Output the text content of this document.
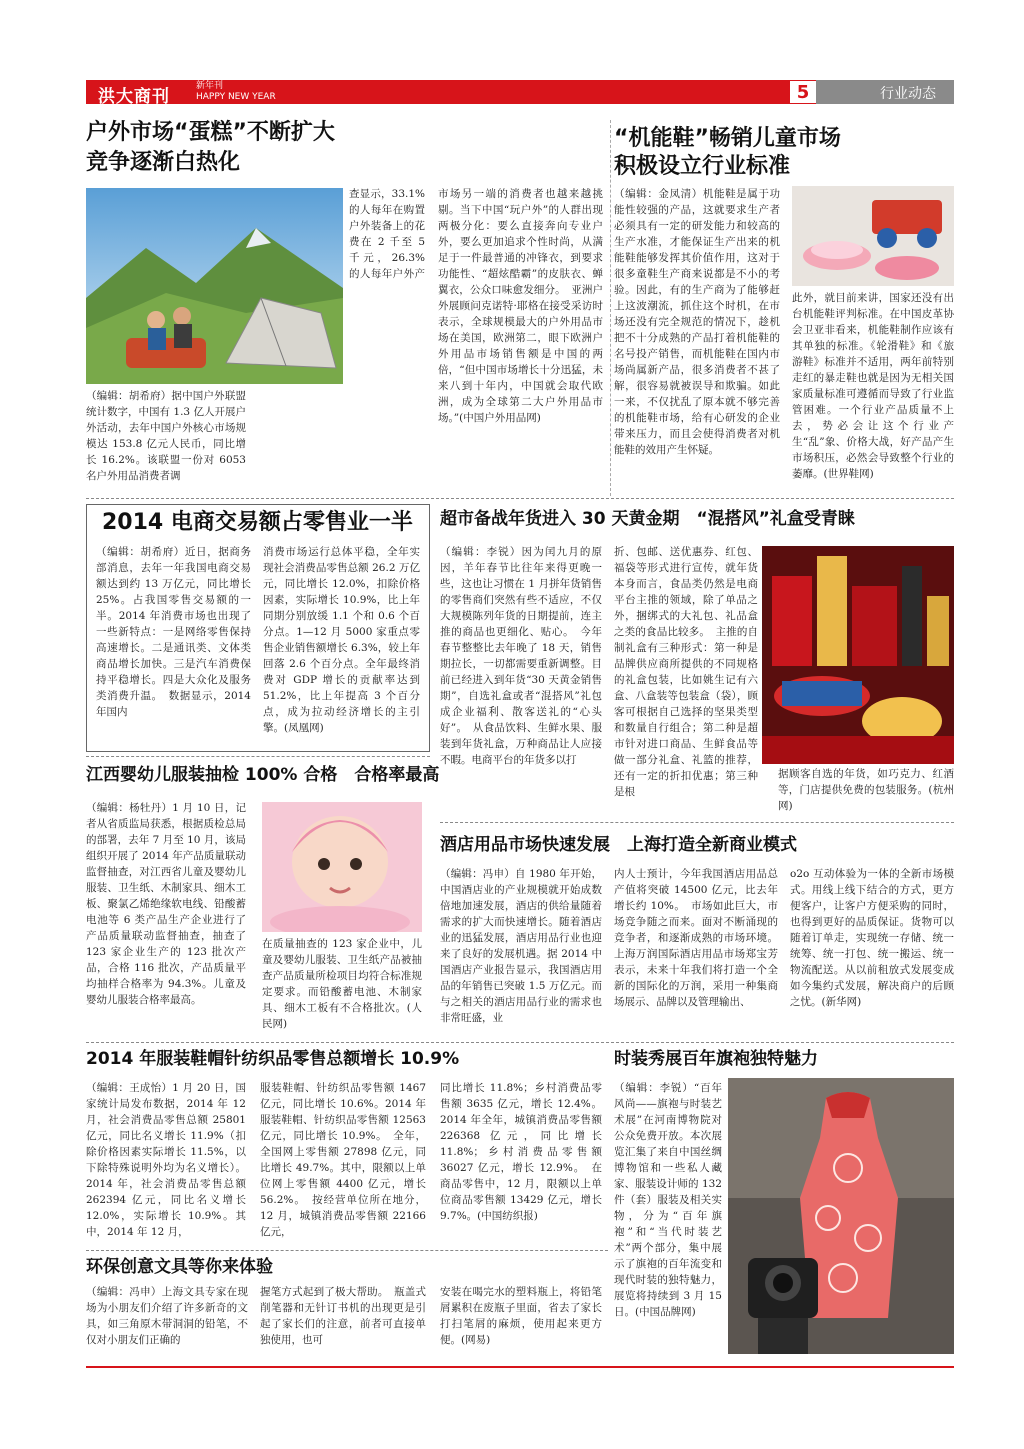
洪大商刊
新年刊
HAPPY NEW YEAR	5	行业动态
户外市场“蛋糕”不断扩大
竞争逐渐白热化
（编辑：胡希府）据中国户外联盟统计数字，中国有 1.3 亿人开展户外活动，去年中国户外核心市场规模达 153.8 亿元人民币，同比增长 16.2%。该联盟一份对 6053 名户外用品消费者调
查显示，33.1% 的人每年在购置户外装备上的花费在 2 千至 5 千元，26.3% 的人每年户外产 　
市场另一端的消费者也越来越挑剔。当下中国“玩户外”的人群出现两极分化：要么直接奔向专业户外，要么更加追求个性时尚，从满足于一件最普通的冲锋衣，到要求功能性、“超炫酷霸”的皮肤衣、蝉翼衣，公众口味愈发细分。　亚洲户外展顾问克诺特·耶格在接受采访时表示，全球规模最大的户外用品市场在美国，欧洲第二，眼下欧洲户外用品市场销售额是中国的两倍，“但中国市场增长十分迅猛，未来八到十年内，中国就会取代欧洲，成为全球第二大户外用品市场。”(中国户外用品网)
“机能鞋”畅销儿童市场
积极设立行业标准
（编辑：金凤清）机能鞋是属于功能性较强的产品，这就要求生产者必须具有一定的研发能力和较高的生产水准，才能保证生产出来的机能鞋能够发挥其价值作用，这对于很多童鞋生产商来说都是不小的考验。因此，有的生产商为了能够赶上这波潮流，抓住这个时机，在市场还没有完全规范的情况下，趁机把不十分成熟的产品打着机能鞋的名号投产销售，而机能鞋在国内市场尚属新产品，很多消费者不甚了解，很容易就被误导和欺骗。如此一来，不仅扰乱了原本就不够完善的机能鞋市场，给有心研发的企业带来压力，而且会使得消费者对机能鞋的效用产生怀疑。
此外，就目前来讲，国家还没有出台机能鞋评判标准。在中国皮革协会卫亚非看来，机能鞋制作应该有其单独的标准。《轮滑鞋》和《旅游鞋》标准并不适用，两年前特别走红的暴走鞋也就是因为无相关国家质量标准可遵循而导致了行业监管困难。一个行业产品质量不上去，势必会让这个行业产生“乱”象、价格大战，好产品产生市场积压，必然会导致整个行业的萎靡。(世界鞋网)
2014 电商交易额占零售业一半
（编辑：胡希府）近日，据商务部消息，去年一年我国电商交易额达到约 13 万亿元，同比增长 25%。占我国零售交易额的一半。2014 年消费市场也出现了一些新特点：一是网络零售保持高速增长。二是通讯类、文体类商品增长加快。三是汽车消费保持平稳增长。四是大众化及服务类消费升温。　数据显示，2014 年国内
消费市场运行总体平稳，全年实现社会消费品零售总额 26.2 万亿元，同比增长 12.0%，扣除价格因素，实际增长 10.9%，比上年同期分别放缓 1.1 个和 0.6 个百分点。1—12 月 5000 家重点零售企业销售额增长 6.3%，较上年回落 2.6 个百分点。全年最终消费对 GDP 增长的贡献率达到 51.2%，比上年提高 3 个百分点，成为拉动经济增长的主引擎。(凤凰网)
超市备战年货进入 30 天黄金期　“混搭风”礼盒受青睐
（编辑：李锐）因为闰九月的原因，羊年春节比往年来得更晚一些，这也让习惯在 1 月拼年货销售的零售商们突然有些不适应，不仅大规模陈列年货的日期提前，连主推的商品也更细化、贴心。　今年春节整整比去年晚了 18 天，销售期拉长，一切都需要重新调整。目前已经进入到年货“30 天黄金销售期”，自选礼盒或者“混搭风”礼包成企业福利、散客送礼的“心头好”。　从食品饮料、生鲜水果、服装到年货礼盒，万种商品让人应接不暇。电商平台的年货多以打
折、包邮、送优惠券、红包、福袋等形式进行宣传，就年货本身而言，食品类仍然是电商平台主推的领域，除了单品之外，捆绑式的大礼包、礼品盒之类的食品比较多。　主推的自制礼盒有三种形式：第一种是品牌供应商所提供的不同规格的礼盒包装，比如姚生记有六盒、八盒装等包装盒（袋），顾客可根据自己选择的坚果类型和数量自行组合；第二种是超市针对进口商品、生鲜食品等做一部分礼盒、礼篮的推荐，还有一定的折扣优惠；第三种是根
据顾客自选的年货，如巧克力、红酒等，门店提供免费的包装服务。(杭州网)
江西婴幼儿服装抽检 100% 合格　合格率最高
（编辑：杨牡丹）1 月 10 日，记者从省质监局获悉，根据质检总局的部署，去年 7 月至 10 月，该局组织开展了 2014 年产品质量联动监督抽查，对江西省儿童及婴幼儿服装、卫生纸、木制家具、细木工板、聚氯乙烯绝缘软电线、铅酸蓄电池等 6 类产品生产企业进行了产品质量联动监督抽查，抽查了 123 家企业生产的 123 批次产品，合格 116 批次，产品质量平均抽样合格率为 94.3%。儿童及婴幼儿服装合格率最高。
在质量抽查的 123 家企业中，儿童及婴幼儿服装、卫生纸产品被抽查产品质量所检项目均符合标准规定要求。而铅酸蓄电池、木制家具、细木工板有不合格批次。(人民网)
酒店用品市场快速发展　上海打造全新商业模式
（编辑：冯申）自 1980 年开始，中国酒店业的产业规模就开始成数倍地加速发展，酒店的供给量随着需求的扩大而快速增长。随着酒店业的迅猛发展，酒店用品行业也迎来了良好的发展机遇。据 2014 中国酒店产业报告显示，我国酒店用品的年销售已突破 1.5 万亿元。而与之相关的酒店用品行业的需求也非常旺盛，业
内人士预计，今年我国酒店用品总产值将突破 14500 亿元，比去年增长约 10%。　市场如此巨大，市场竞争随之而来。面对不断涌现的竞争者，和逐渐成熟的市场环境。上海万润国际酒店用品市场郑宝芳表示，未来十年我们将打造一个全新的国际化的万润，采用一种集商场展示、品牌以及管理输出、
o2o 互动体验为一体的全新市场模式。用线上线下结合的方式，更方便客户，让客户方便采购的同时，也得到更好的品质保证。货物可以随着订单走，实现统一存储、统一统筹、统一打包、统一搬运、统一物流配送。从以前租放式发展变成如今集约式发展，解决商户的后顾之忧。(新华网)
2014 年服装鞋帽针纺织品零售总额增长 10.9%
（编辑：王成怡）1 月 20 日，国家统计局发布数据，2014 年 12 月，社会消费品零售总额 25801 亿元，同比名义增长 11.9%（扣除价格因素实际增长 11.5%，以下除特殊说明外均为名义增长）。2014 年，社会消费品零售总额 262394 亿元，同比名义增长 12.0%，实际增长 10.9%。其中，2014 年 12 月，
服装鞋帽、针纺织品零售额 1467 亿元，同比增长 10.6%。2014 年服装鞋帽、针纺织品零售额 12563 亿元，同比增长 10.9%。　全年，全国网上零售额 27898 亿元，同比增长 49.7%。其中，限额以上单位网上零售额 4400 亿元，增长 56.2%。　按经营单位所在地分，12 月，城镇消费品零售额 22166 亿元，
同比增长 11.8%；乡村消费品零售额 3635 亿元，增长 12.4%。2014 年全年，城镇消费品零售额 226368 亿元，同比增长 11.8%；乡村消费品零售额 36027 亿元，增长 12.9%。　在商品零售中，12 月，限额以上单位商品零售额 13429 亿元，增长 9.7%。(中国纺织报)
时装秀展百年旗袍独特魅力
（编辑：李锐）“百年风尚——旗袍与时装艺术展”在河南博物院对公众免费开放。本次展览汇集了来自中国丝绸博物馆和一些私人藏家、服装设计师的 132 件（套）服装及相关实物，分为“百年旗袍”和“当代时装艺术”两个部分，集中展示了旗袍的百年流变和现代时装的独特魅力，展览将持续到 3 月 15 日。(中国品牌网)
环保创意文具等你来体验
（编辑：冯申）上海文具专家在现场为小朋友们介绍了许多新奇的文具，如三角原木带洞洞的铅笔，不仅对小朋友们正确的
握笔方式起到了极大帮助。　瓶盖式削笔器和无针订书机的出现更是引起了家长们的注意，前者可直接单独使用，也可
安装在喝完水的塑料瓶上，将铅笔屑累积在废瓶子里面，省去了家长打扫笔屑的麻烦，使用起来更方便。(网易)
